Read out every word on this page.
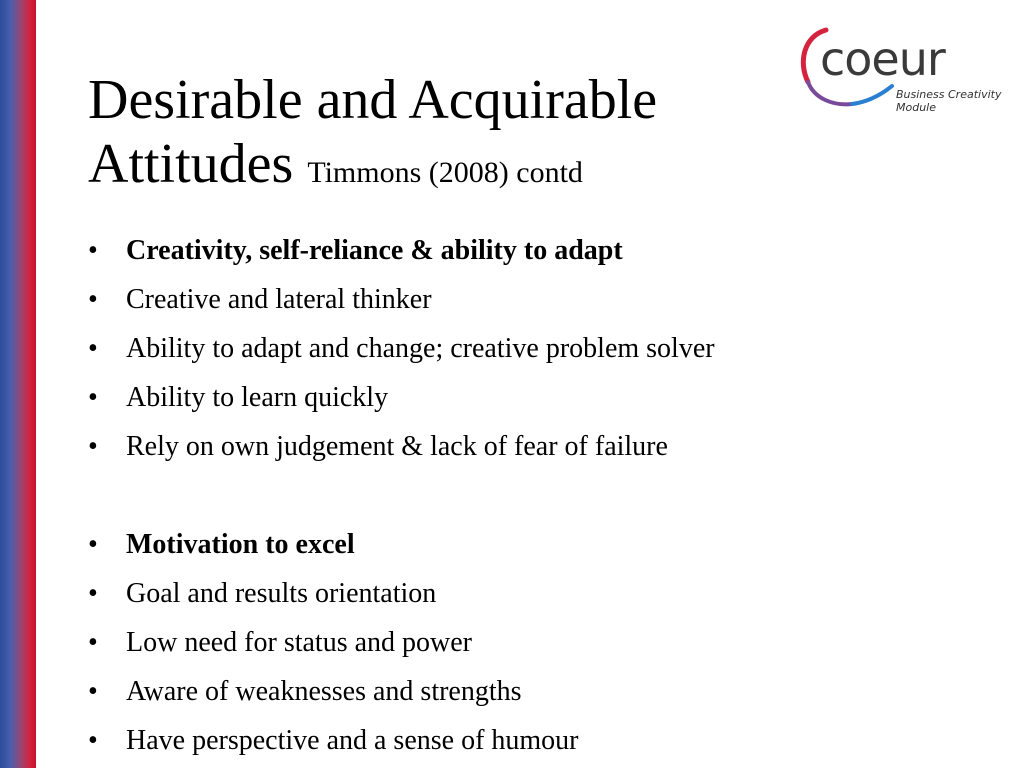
Desirable and Acquirable
Attitudes Timmons (2008) contd
coeur
Business Creativity
Module
• Creativity, self-reliance & ability to adapt
• Creative and lateral thinker
• Ability to adapt and change; creative problem solver
• Ability to learn quickly
• Rely on own judgement & lack of fear of failure
• Motivation to excel
• Goal and results orientation
• Low need for status and power
• Aware of weaknesses and strengths
• Have perspective and a sense of humour
